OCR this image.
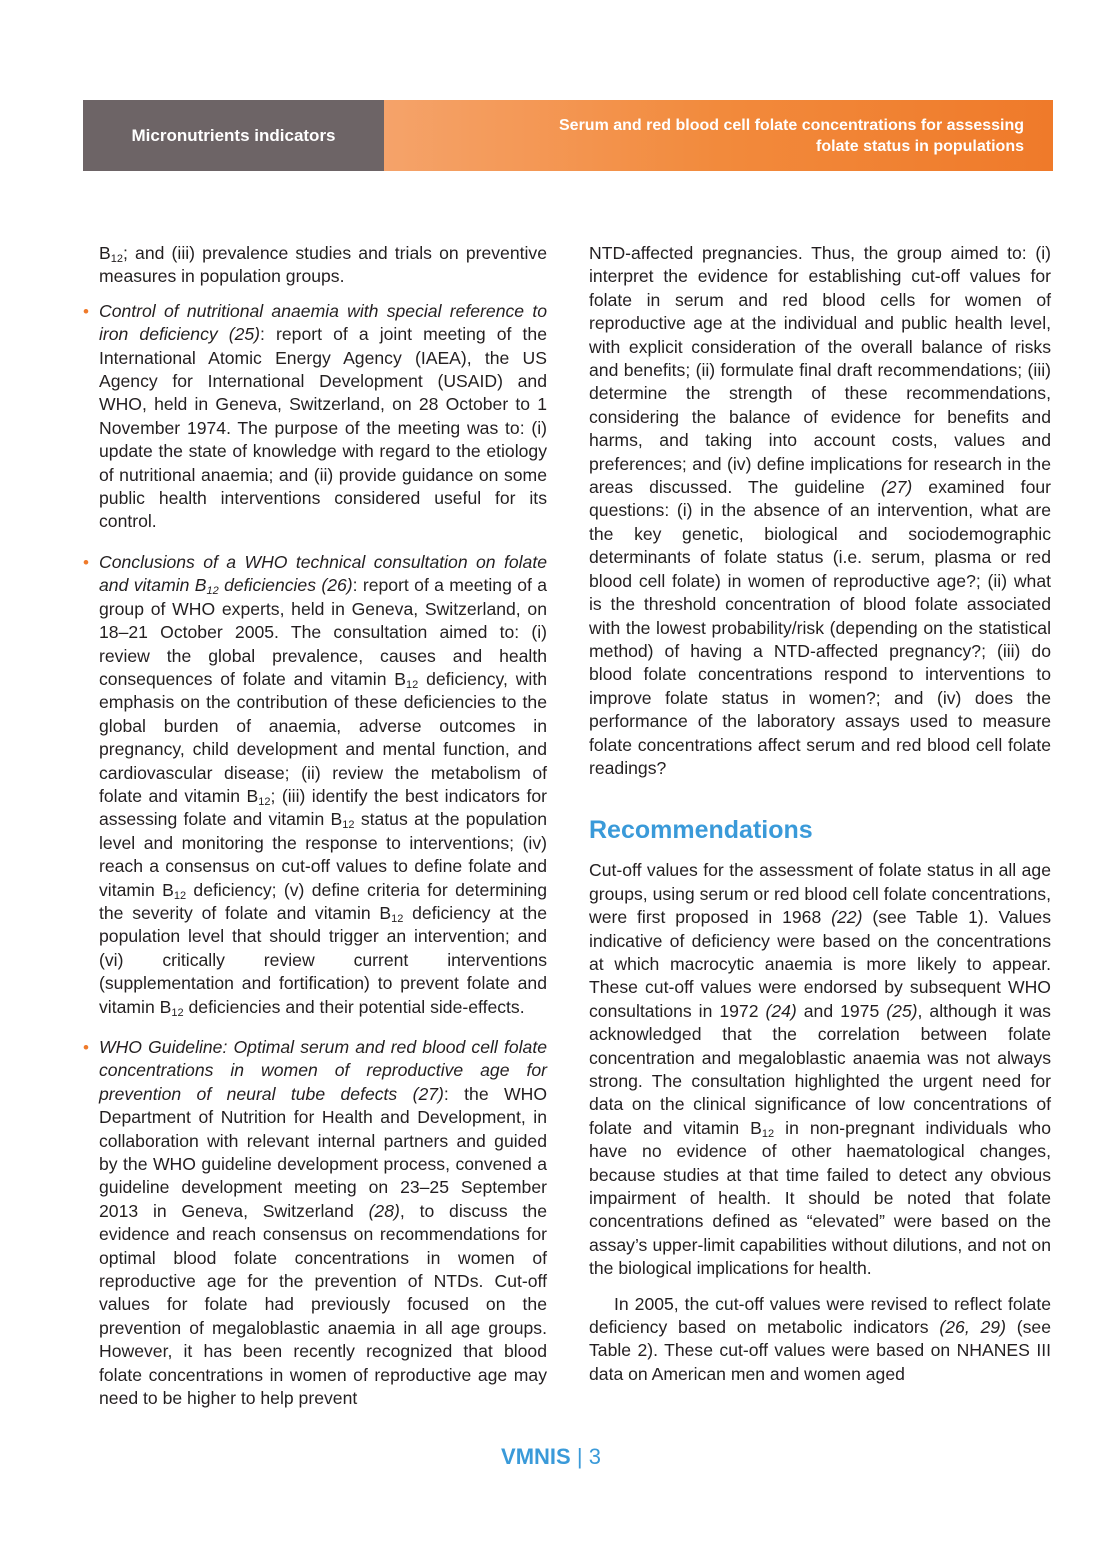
Micronutrients indicators
Serum and red blood cell folate concentrations for assessing
folate status in populations

$B_{12}$; and (iii) prevalence studies and trials on preventive measures in population groups.

• Control of nutritional anaemia with special reference to iron deficiency (25): report of a joint meeting of the International Atomic Energy Agency (IAEA), the US Agency for International Development (USAID) and WHO, held in Geneva, Switzerland, on 28 October to 1 November 1974. The purpose of the meeting was to: (i) update the state of knowledge with regard to the etiology of nutritional anaemia; and (ii) provide guidance on some public health interventions considered useful for its control.

• Conclusions of a WHO technical consultation on folate and vitamin $B_{12}$ deficiencies (26): report of a meeting of a group of WHO experts, held in Geneva, Switzerland, on 18–21 October 2005. The consultation aimed to: (i) review the global prevalence, causes and health consequences of folate and vitamin $B_{12}$ deficiency, with emphasis on the contribution of these deficiencies to the global burden of anaemia, adverse outcomes in pregnancy, child development and mental function, and cardiovascular disease; (ii) review the metabolism of folate and vitamin $B_{12}$; (iii) identify the best indicators for assessing folate and vitamin $B_{12}$ status at the population level and monitoring the response to interventions; (iv) reach a consensus on cut-off values to define folate and vitamin $B_{12}$ deficiency; (v) define criteria for determining the severity of folate and vitamin $B_{12}$ deficiency at the population level that should trigger an intervention; and (vi) critically review current interventions (supplementation and fortification) to prevent folate and vitamin $B_{12}$ deficiencies and their potential side-effects.

• WHO Guideline: Optimal serum and red blood cell folate concentrations in women of reproductive age for prevention of neural tube defects (27): the WHO Department of Nutrition for Health and Development, in collaboration with relevant internal partners and guided by the WHO guideline development process, convened a guideline development meeting on 23–25 September 2013 in Geneva, Switzerland (28), to discuss the evidence and reach consensus on recommendations for optimal blood folate concentrations in women of reproductive age for the prevention of NTDs. Cut-off values for folate had previously focused on the prevention of megaloblastic anaemia in all age groups. However, it has been recently recognized that blood folate concentrations in women of reproductive age may need to be higher to help prevent

NTD-affected pregnancies. Thus, the group aimed to: (i) interpret the evidence for establishing cut-off values for folate in serum and red blood cells for women of reproductive age at the individual and public health level, with explicit consideration of the overall balance of risks and benefits; (ii) formulate final draft recommendations; (iii) determine the strength of these recommendations, considering the balance of evidence for benefits and harms, and taking into account costs, values and preferences; and (iv) define implications for research in the areas discussed. The guideline (27) examined four questions: (i) in the absence of an intervention, what are the key genetic, biological and sociodemographic determinants of folate status (i.e. serum, plasma or red blood cell folate) in women of reproductive age?; (ii) what is the threshold concentration of blood folate associated with the lowest probability/risk (depending on the statistical method) of having a NTD-affected pregnancy?; (iii) do blood folate concentrations respond to interventions to improve folate status in women?; and (iv) does the performance of the laboratory assays used to measure folate concentrations affect serum and red blood cell folate readings?

Recommendations

Cut-off values for the assessment of folate status in all age groups, using serum or red blood cell folate concentrations, were first proposed in 1968 (22) (see Table 1). Values indicative of deficiency were based on the concentrations at which macrocytic anaemia is more likely to appear. These cut-off values were endorsed by subsequent WHO consultations in 1972 (24) and 1975 (25), although it was acknowledged that the correlation between folate concentration and megaloblastic anaemia was not always strong. The consultation highlighted the urgent need for data on the clinical significance of low concentrations of folate and vitamin $B_{12}$ in non-pregnant individuals who have no evidence of other haematological changes, because studies at that time failed to detect any obvious impairment of health. It should be noted that folate concentrations defined as “elevated” were based on the assay’s upper-limit capabilities without dilutions, and not on the biological implications for health.

In 2005, the cut-off values were revised to reflect folate deficiency based on metabolic indicators (26, 29) (see Table 2). These cut-off values were based on NHANES III data on American men and women aged

VMNIS | 3
